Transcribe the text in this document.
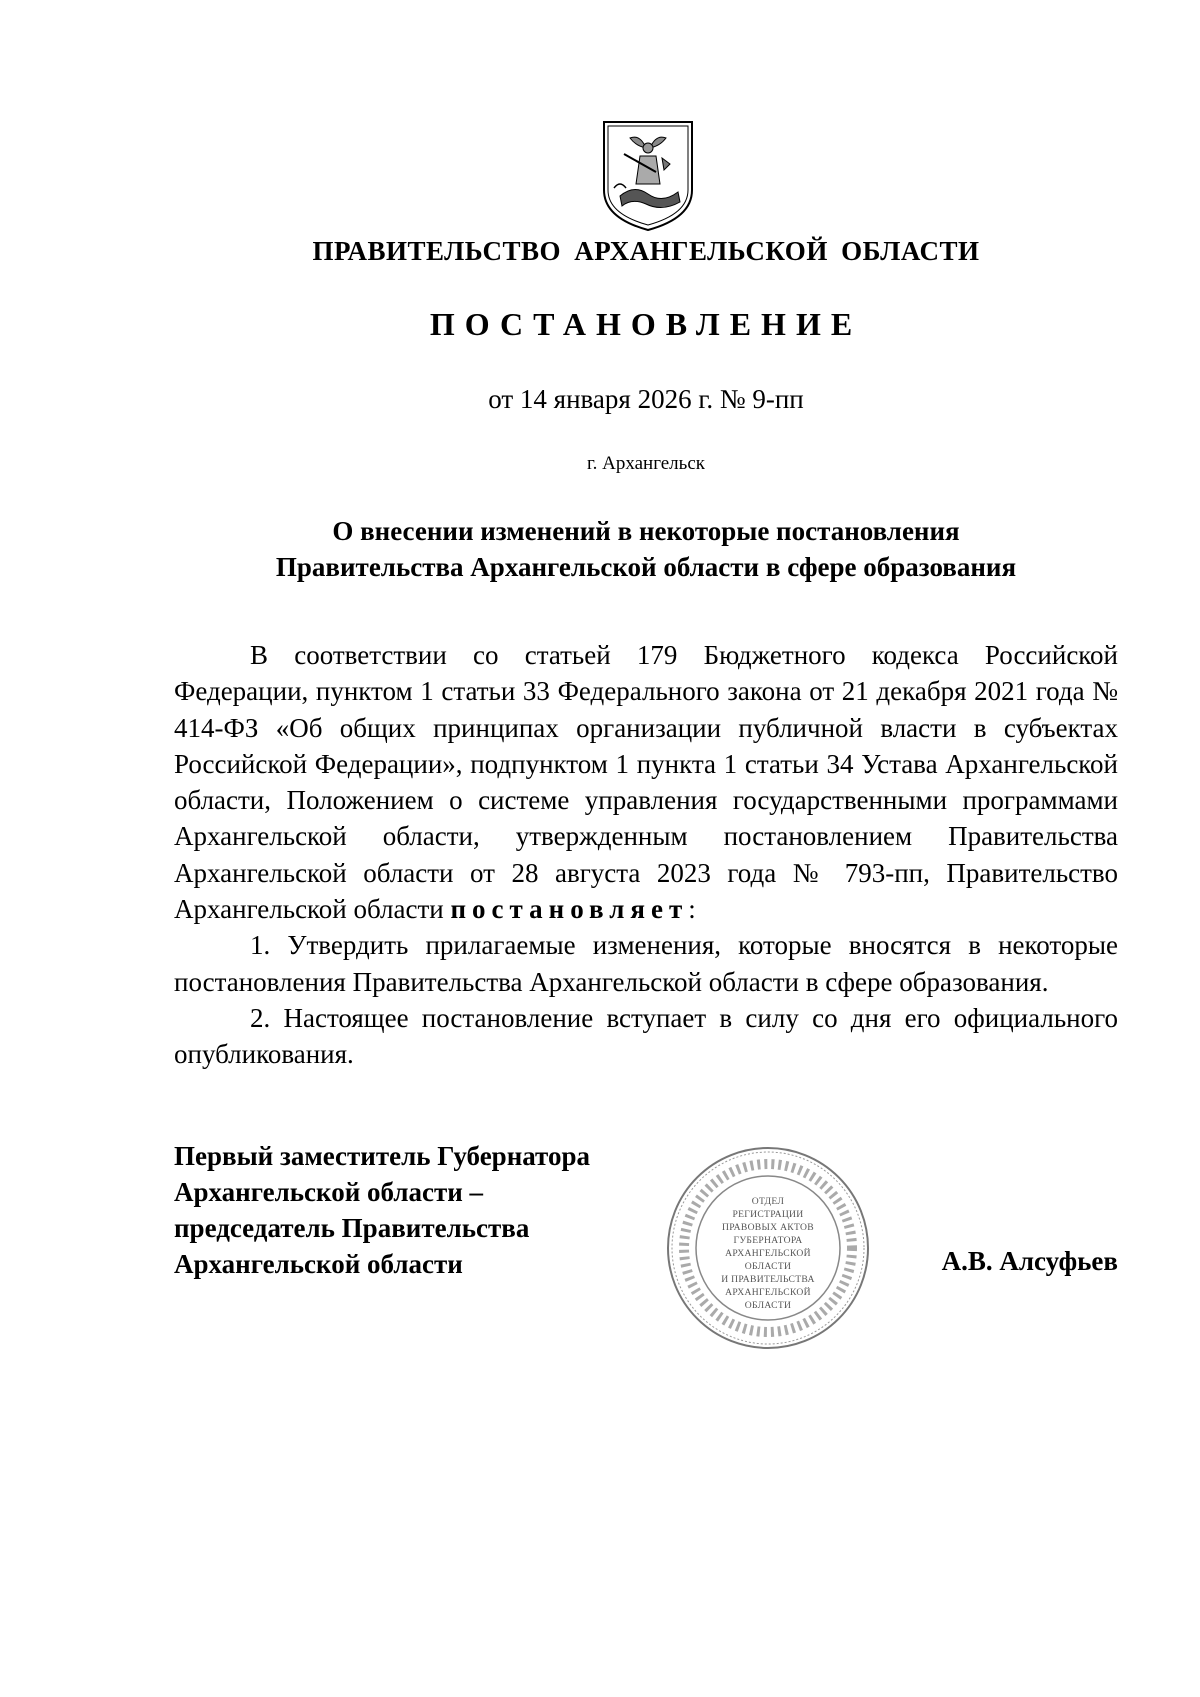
ПРАВИТЕЛЬСТВО АРХАНГЕЛЬСКОЙ ОБЛАСТИ
ПОСТАНОВЛЕНИЕ
от 14 января 2026 г. № 9-пп
г. Архангельск
О внесении изменений в некоторые постановления
Правительства Архангельской области в сфере образования

В соответствии со статьей 179 Бюджетного кодекса Российской Федерации, пунктом 1 статьи 33 Федерального закона от 21 декабря 2021 года № 414-ФЗ «Об общих принципах организации публичной власти в субъектах Российской Федерации», подпунктом 1 пункта 1 статьи 34 Устава Архангельской области, Положением о системе управления государственными программами Архангельской области, утвержденным постановлением Правительства Архангельской области от 28 августа 2023 года № 793-пп, Правительство Архангельской области постановляет:

1. Утвердить прилагаемые изменения, которые вносятся в некоторые постановления Правительства Архангельской области в сфере образования.

2. Настоящее постановление вступает в силу со дня его официального опубликования.

Первый заместитель Губернатора
Архангельской области –
председатель Правительства
Архангельской области
ОТДЕЛ
РЕГИСТРАЦИИ
ПРАВОВЫХ АКТОВ
ГУБЕРНАТОРА
АРХАНГЕЛЬСКОЙ
ОБЛАСТИ
И ПРАВИТЕЛЬСТВА
АРХАНГЕЛЬСКОЙ
ОБЛАСТИ
А.В. Алсуфьев
